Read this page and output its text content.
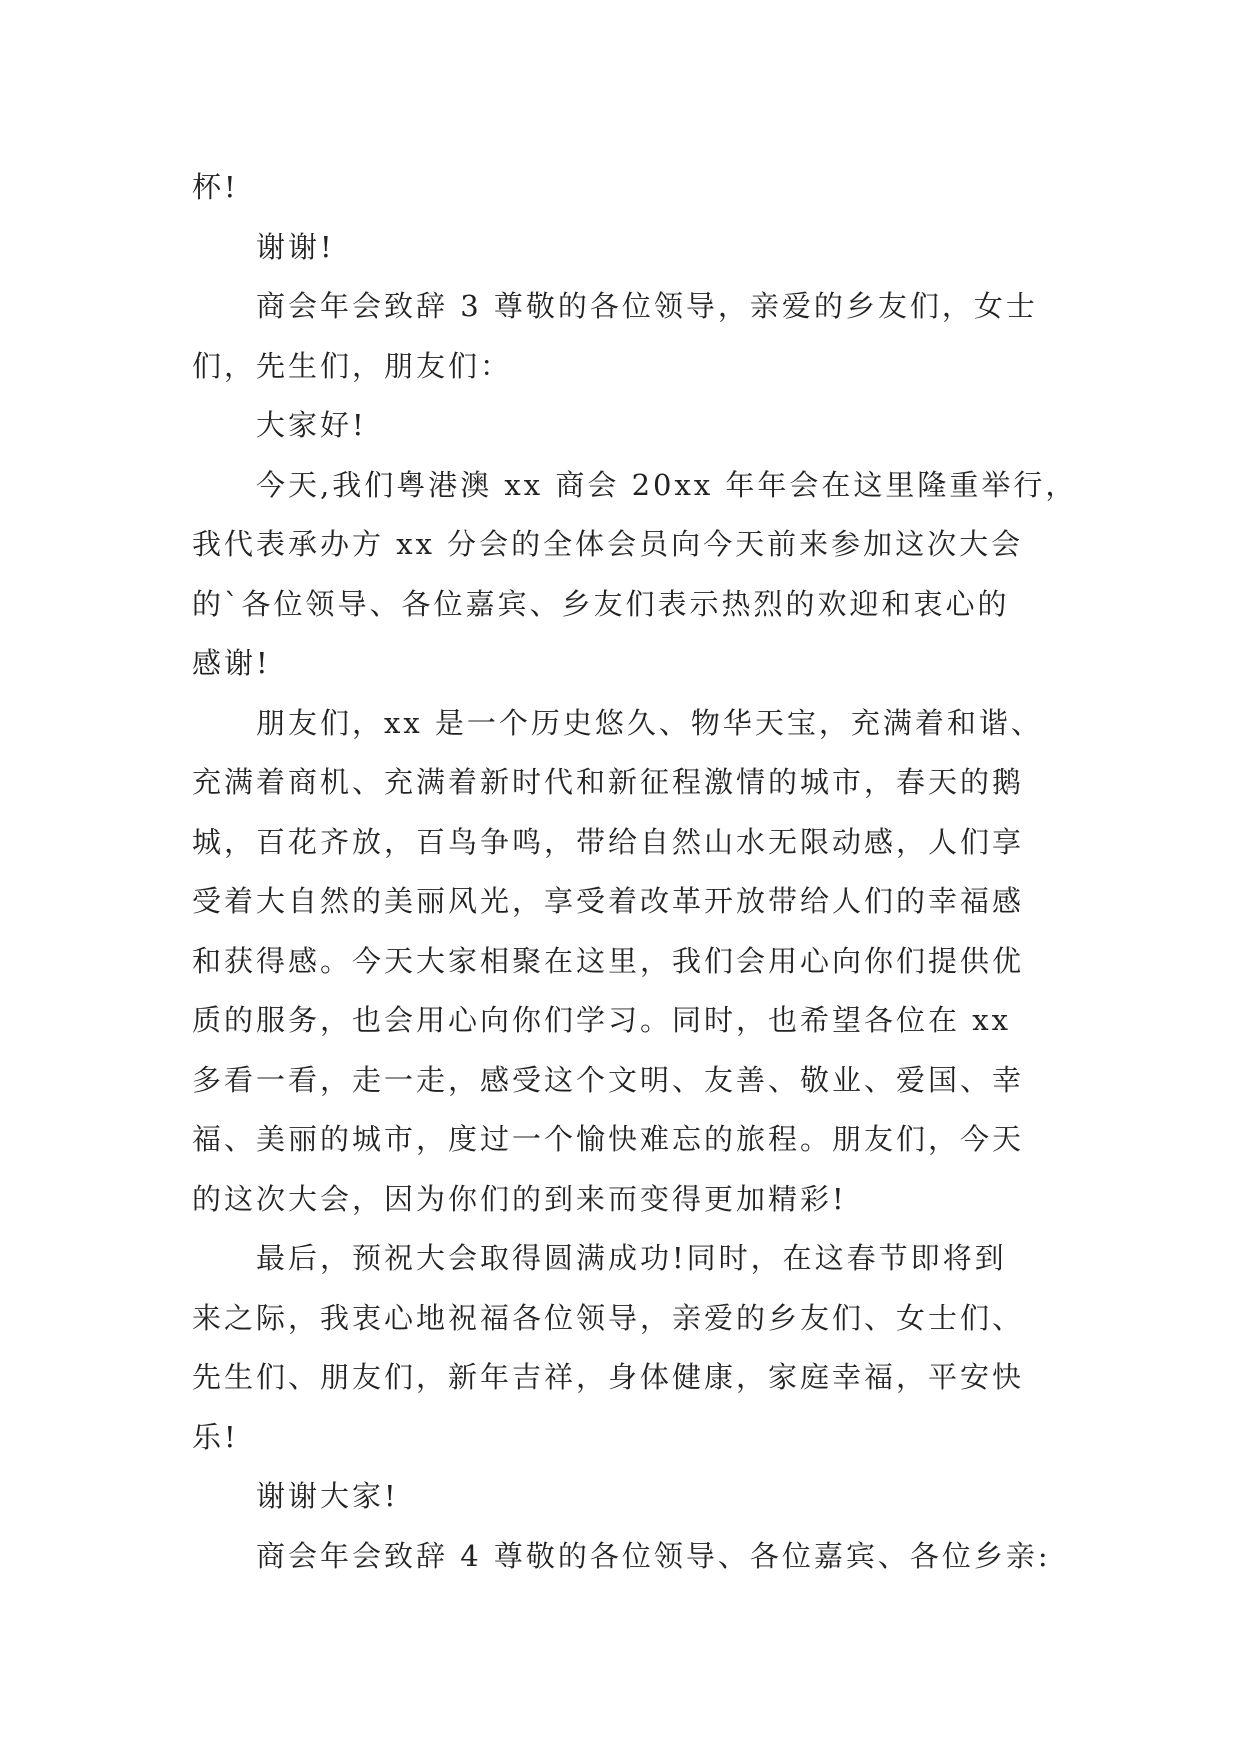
杯!

谢谢!

商会年会致辞 3 尊敬的各位领导，亲爱的乡友们，女士

们，先生们，朋友们：

大家好!

今天,我们粤港澳 xx 商会 20xx 年年会在这里隆重举行，

我代表承办方 xx 分会的全体会员向今天前来参加这次大会

的`各位领导、各位嘉宾、乡友们表示热烈的欢迎和衷心的

感谢!

朋友们，xx 是一个历史悠久、物华天宝，充满着和谐、

充满着商机、充满着新时代和新征程激情的城市，春天的鹅

城，百花齐放，百鸟争鸣，带给自然山水无限动感，人们享

受着大自然的美丽风光，享受着改革开放带给人们的幸福感

和获得感。今天大家相聚在这里，我们会用心向你们提供优

质的服务，也会用心向你们学习。同时，也希望各位在 xx

多看一看，走一走，感受这个文明、友善、敬业、爱国、幸

福、美丽的城市，度过一个愉快难忘的旅程。朋友们，今天

的这次大会，因为你们的到来而变得更加精彩!

最后，预祝大会取得圆满成功!同时，在这春节即将到

来之际，我衷心地祝福各位领导，亲爱的乡友们、女士们、

先生们、朋友们，新年吉祥，身体健康，家庭幸福，平安快

乐!

谢谢大家!

商会年会致辞 4 尊敬的各位领导、各位嘉宾、各位乡亲:
